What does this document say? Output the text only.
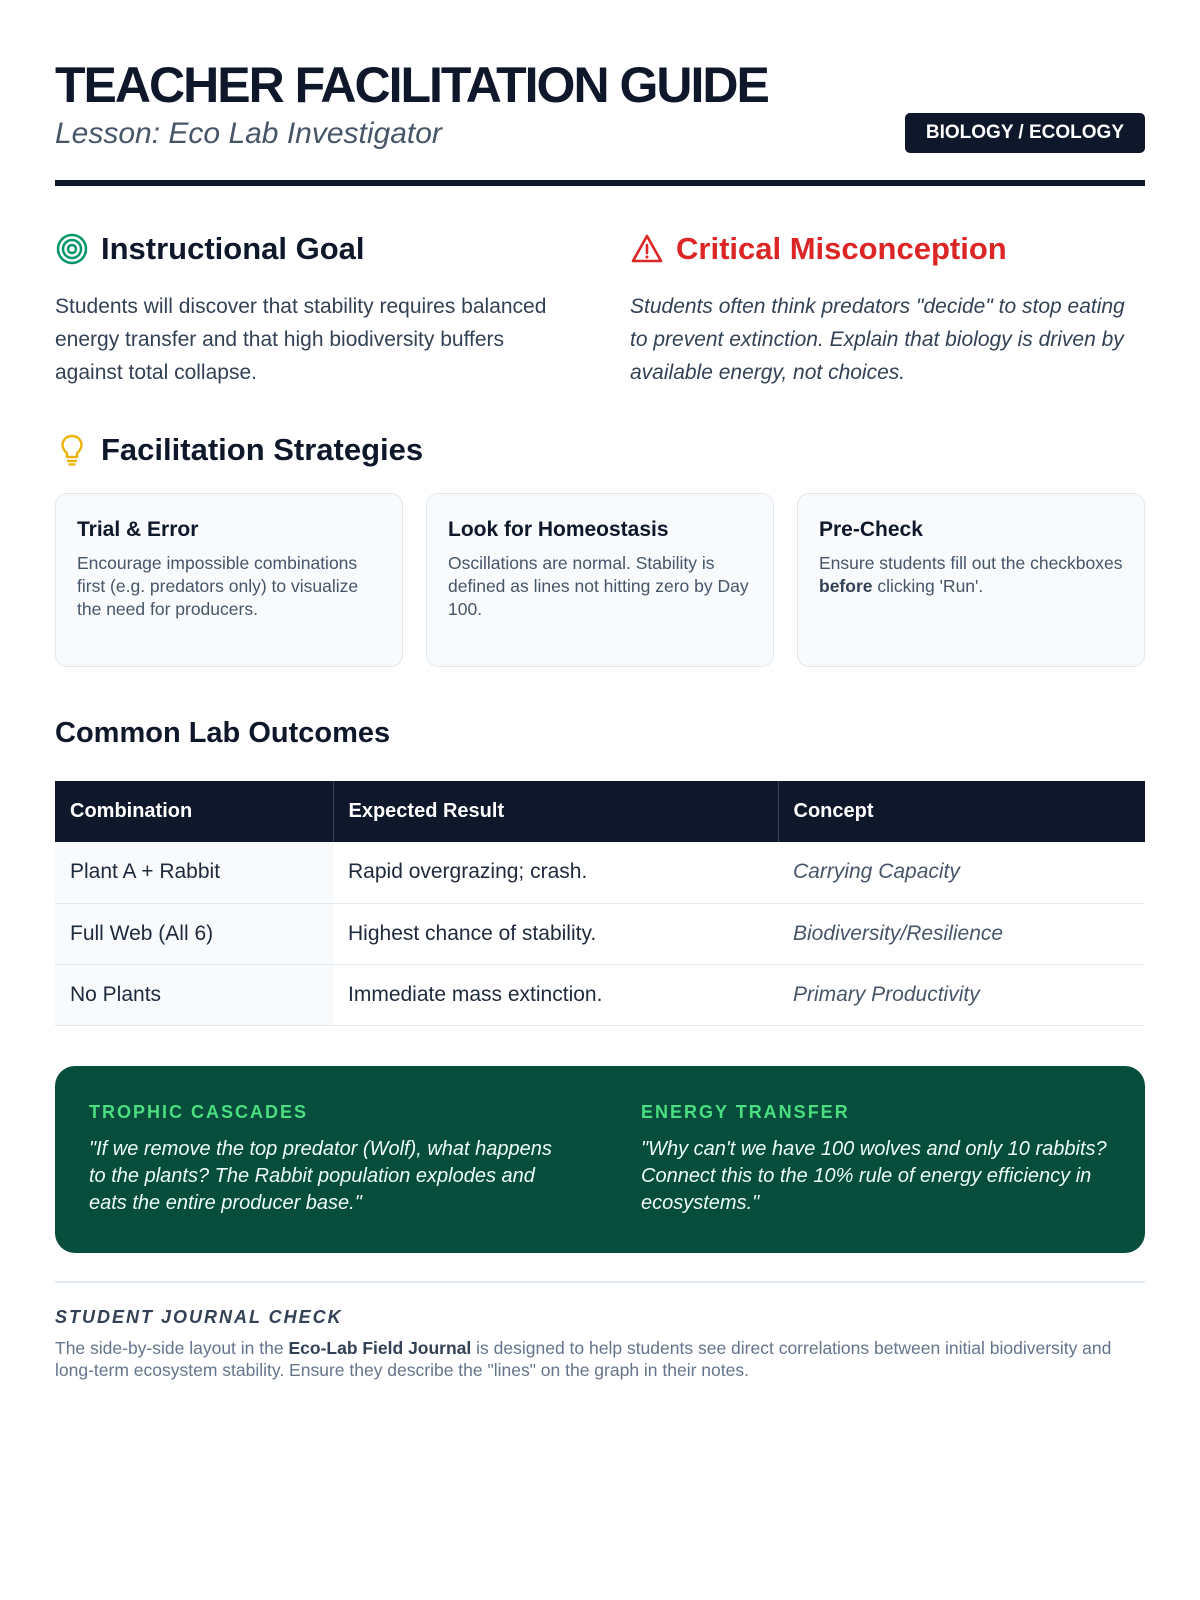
TEACHER FACILITATION GUIDE
Lesson: Eco Lab Investigator	BIOLOGY / ECOLOGY
Instructional Goal

Students will discover that stability requires balanced energy transfer and that high biodiversity buffers against total collapse.

Critical Misconception

Students often think predators "decide" to stop eating to prevent extinction. Explain that biology is driven by available energy, not choices.

Facilitation Strategies
Trial & Error
Encourage impossible combinations first (e.g. predators only) to visualize the need for producers.
Look for Homeostasis
Oscillations are normal. Stability is defined as lines not hitting zero by Day 100.
Pre-Check
Ensure students fill out the checkboxes before clicking 'Run'.
Common Lab Outcomes
Combination	Expected Result	Concept
Plant A + Rabbit	Rapid overgrazing; crash.	Carrying Capacity
Full Web (All 6)	Highest chance of stability.	Biodiversity/Resilience
No Plants	Immediate mass extinction.	Primary Productivity
TROPHIC CASCADES
"If we remove the top predator (Wolf), what happens to the plants? The Rabbit population explodes and eats the entire producer base."
ENERGY TRANSFER
"Why can't we have 100 wolves and only 10 rabbits? Connect this to the 10% rule of energy efficiency in ecosystems."
STUDENT JOURNAL CHECK

The side-by-side layout in the Eco-Lab Field Journal is designed to help students see direct correlations between initial biodiversity and long-term ecosystem stability. Ensure they describe the "lines" on the graph in their notes.
